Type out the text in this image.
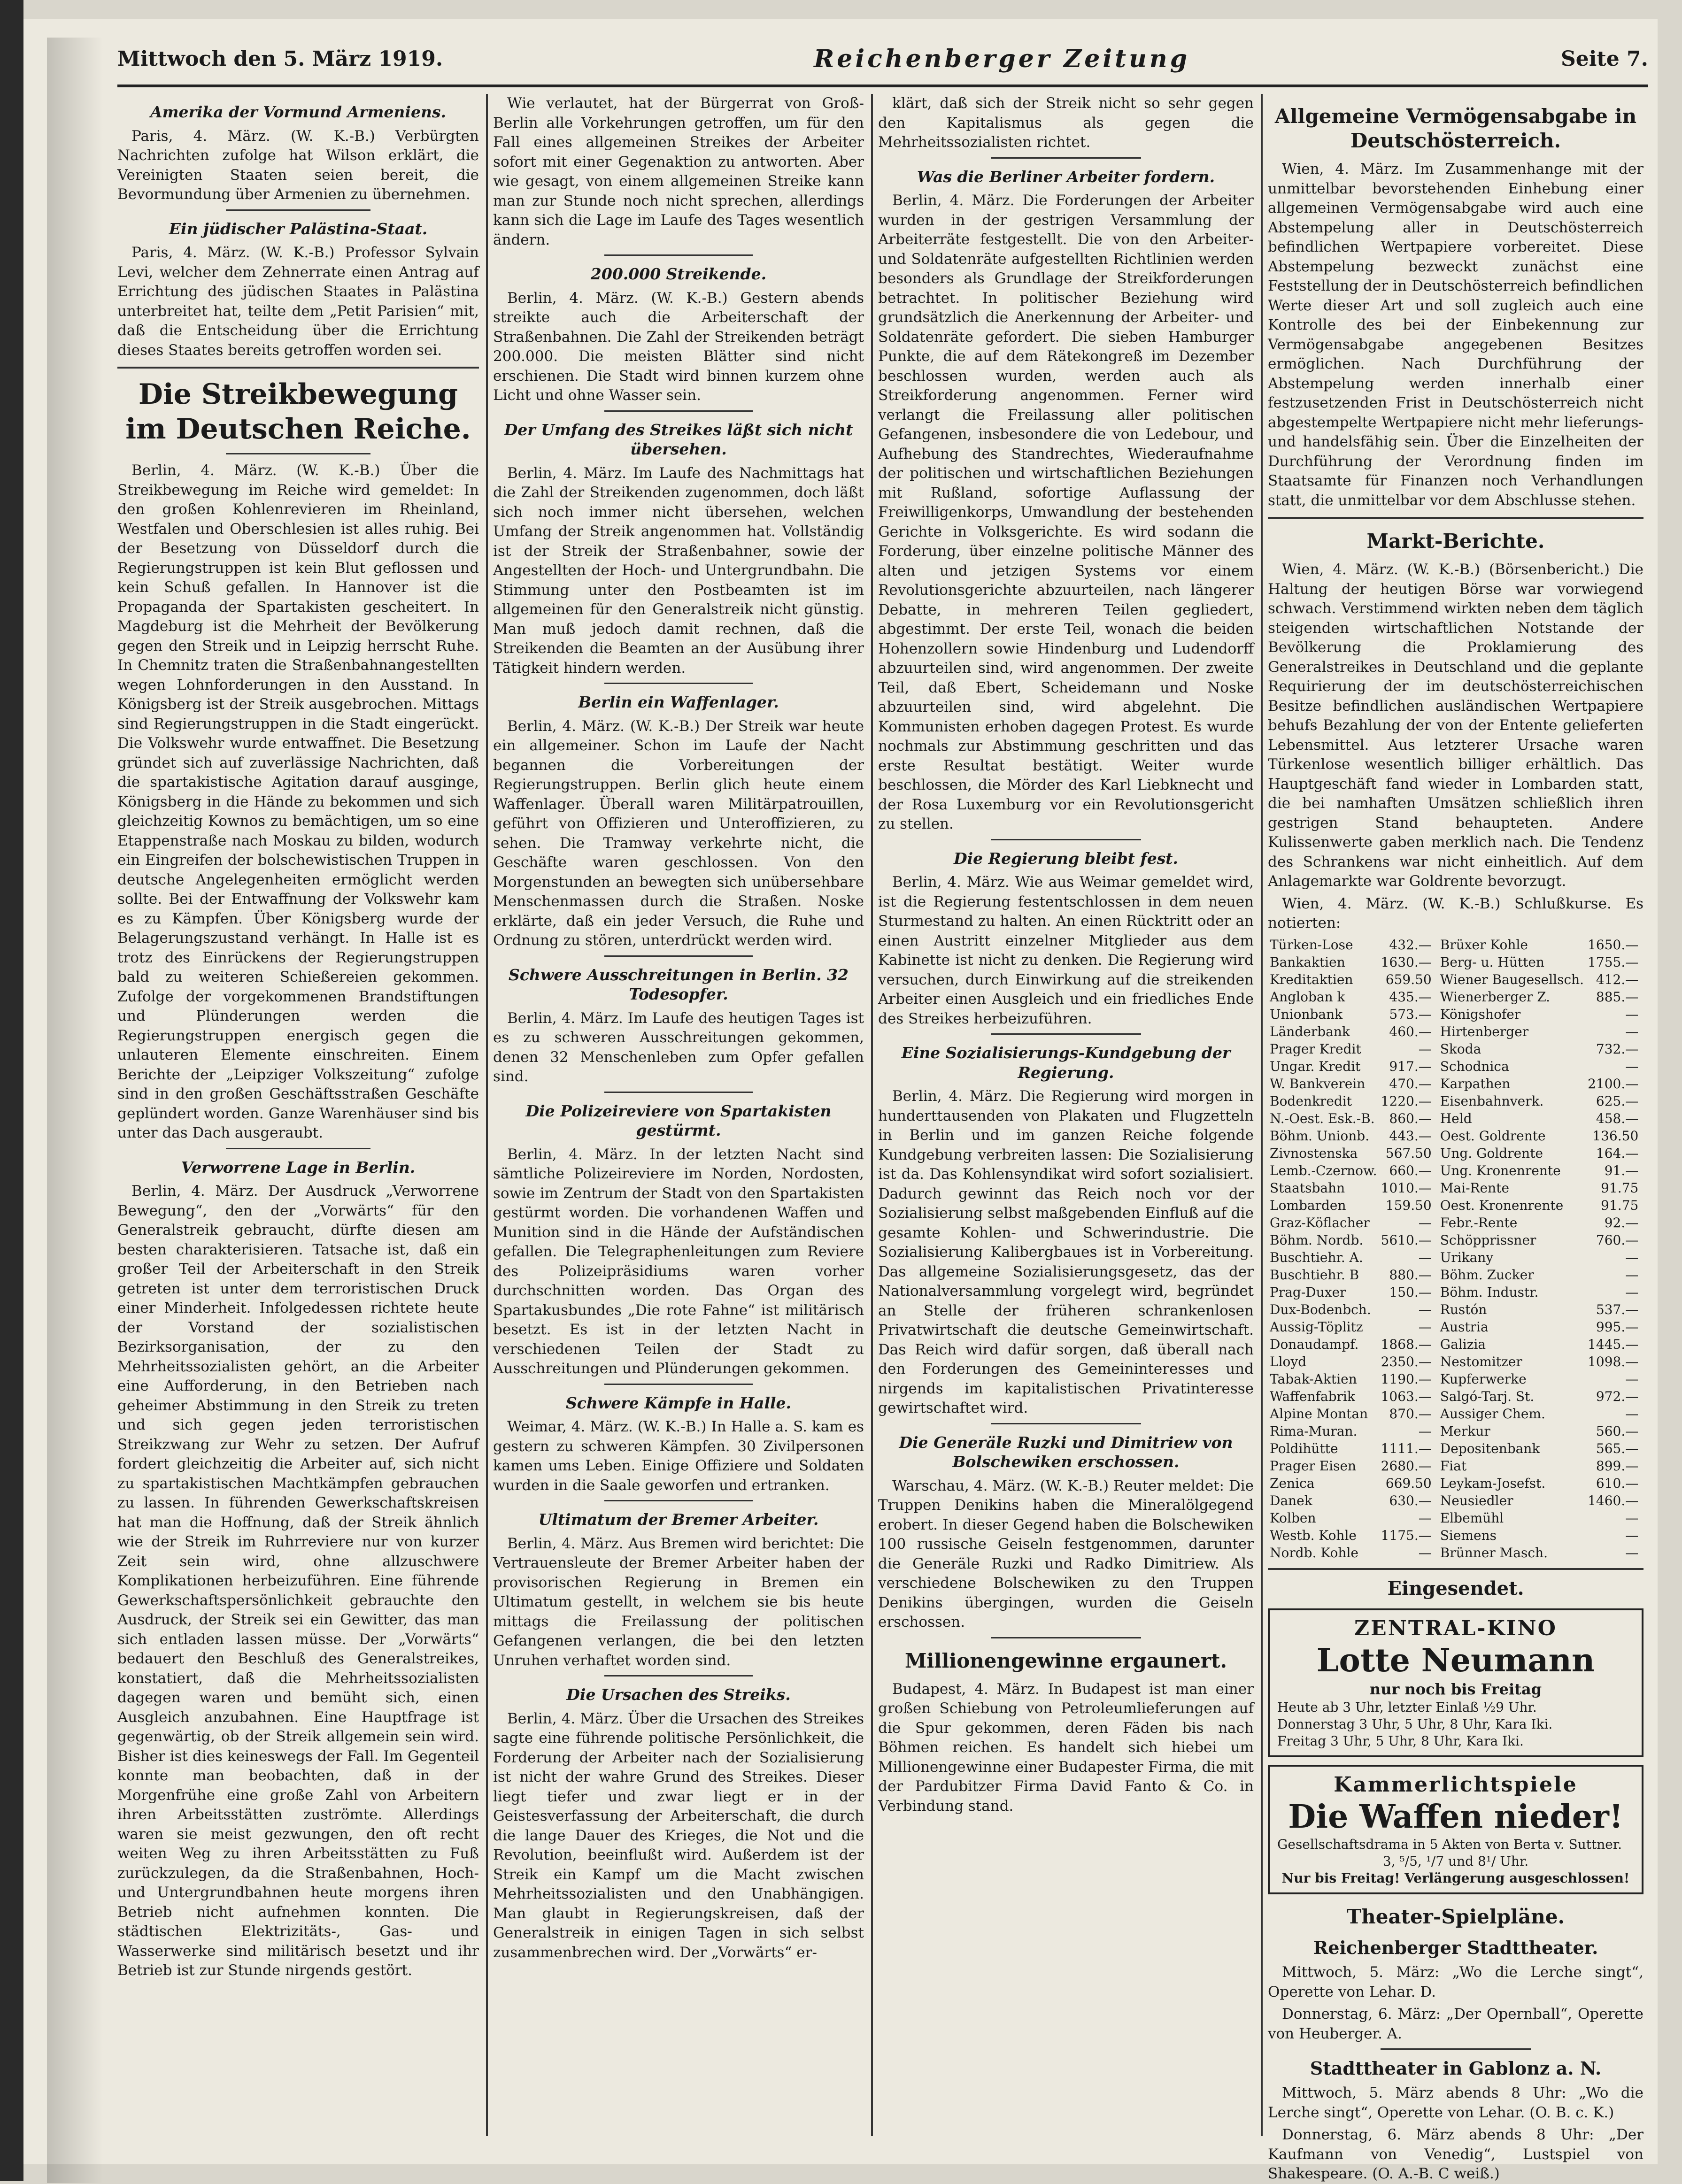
Mittwoch den 5. März 1919.	Reichenberger Zeitung	Seite 7.
Amerika der Vormund Armeniens.

Paris, 4. März. (W. K.-B.) Verbürgten Nachrichten zufolge hat Wilson erklärt, die Vereinigten Staaten seien bereit, die Bevormundung über Armenien zu übernehmen.

Ein jüdischer Palästina-Staat.

Paris, 4. März. (W. K.-B.) Professor Sylvain Levi, welcher dem Zehnerrate einen Antrag auf Errichtung des jüdischen Staates in Palästina unterbreitet hat, teilte dem „Petit Parisien“ mit, daß die Entscheidung über die Errichtung dieses Staates bereits getroffen worden sei.

Die Streikbewegung im Deutschen Reiche.

Berlin, 4. März. (W. K.-B.) Über die Streikbewegung im Reiche wird gemeldet: In den großen Kohlenrevieren im Rheinland, Westfalen und Oberschlesien ist alles ruhig. Bei der Besetzung von Düsseldorf durch die Regierungstruppen ist kein Blut geflossen und kein Schuß gefallen. In Hannover ist die Propaganda der Spartakisten gescheitert. In Magdeburg ist die Mehrheit der Bevölkerung gegen den Streik und in Leipzig herrscht Ruhe. In Chemnitz traten die Straßenbahnangestellten wegen Lohnforderungen in den Ausstand. In Königsberg ist der Streik ausgebrochen. Mittags sind Regierungstruppen in die Stadt eingerückt. Die Volkswehr wurde entwaffnet. Die Besetzung gründet sich auf zuverlässige Nachrichten, daß die spartakistische Agitation darauf ausginge, Königsberg in die Hände zu bekommen und sich gleichzeitig Kownos zu bemächtigen, um so eine Etappenstraße nach Moskau zu bilden, wodurch ein Eingreifen der bolschewistischen Truppen in deutsche Angelegenheiten ermöglicht werden sollte. Bei der Entwaffnung der Volkswehr kam es zu Kämpfen. Über Königsberg wurde der Belagerungszustand verhängt. In Halle ist es trotz des Einrückens der Regierungstruppen bald zu weiteren Schießereien gekommen. Zufolge der vorgekommenen Brandstiftungen und Plünderungen werden die Regierungstruppen energisch gegen die unlauteren Elemente einschreiten. Einem Berichte der „Leipziger Volkszeitung“ zufolge sind in den großen Geschäftsstraßen Geschäfte geplündert worden. Ganze Warenhäuser sind bis unter das Dach ausgeraubt.

Verworrene Lage in Berlin.

Berlin, 4. März. Der Ausdruck „Verworrene Bewegung“, den der „Vorwärts“ für den Generalstreik gebraucht, dürfte diesen am besten charakterisieren. Tatsache ist, daß ein großer Teil der Arbeiterschaft in den Streik getreten ist unter dem terroristischen Druck einer Minderheit. Infolgedessen richtete heute der Vorstand der sozialistischen Bezirksorganisation, der zu den Mehrheitssozialisten gehört, an die Arbeiter eine Aufforderung, in den Betrieben nach geheimer Abstimmung in den Streik zu treten und sich gegen jeden terroristischen Streikzwang zur Wehr zu setzen. Der Aufruf fordert gleichzeitig die Arbeiter auf, sich nicht zu spartakistischen Machtkämpfen gebrauchen zu lassen. In führenden Gewerkschaftskreisen hat man die Hoffnung, daß der Streik ähnlich wie der Streik im Ruhrreviere nur von kurzer Zeit sein wird, ohne allzuschwere Komplikationen herbeizuführen. Eine führende Gewerkschaftspersönlichkeit gebrauchte den Ausdruck, der Streik sei ein Gewitter, das man sich entladen lassen müsse. Der „Vorwärts“ bedauert den Beschluß des Generalstreikes, konstatiert, daß die Mehrheitssozialisten dagegen waren und bemüht sich, einen Ausgleich anzubahnen. Eine Hauptfrage ist gegenwärtig, ob der Streik allgemein sein wird. Bisher ist dies keineswegs der Fall. Im Gegenteil konnte man beobachten, daß in der Morgenfrühe eine große Zahl von Arbeitern ihren Arbeitsstätten zuströmte. Allerdings waren sie meist gezwungen, den oft recht weiten Weg zu ihren Arbeitsstätten zu Fuß zurückzulegen, da die Straßenbahnen, Hoch- und Untergrundbahnen heute morgens ihren Betrieb nicht aufnehmen konnten. Die städtischen Elektrizitäts-, Gas- und Wasserwerke sind militärisch besetzt und ihr Betrieb ist zur Stunde nirgends gestört.

Wie verlautet, hat der Bürgerrat von Groß-Berlin alle Vorkehrungen getroffen, um für den Fall eines allgemeinen Streikes der Arbeiter sofort mit einer Gegenaktion zu antworten. Aber wie gesagt, von einem allgemeinen Streike kann man zur Stunde noch nicht sprechen, allerdings kann sich die Lage im Laufe des Tages wesentlich ändern.

200.000 Streikende.

Berlin, 4. März. (W. K.-B.) Gestern abends streikte auch die Arbeiterschaft der Straßenbahnen. Die Zahl der Streikenden beträgt 200.000. Die meisten Blätter sind nicht erschienen. Die Stadt wird binnen kurzem ohne Licht und ohne Wasser sein.

Der Umfang des Streikes läßt sich nicht übersehen.

Berlin, 4. März. Im Laufe des Nachmittags hat die Zahl der Streikenden zugenommen, doch läßt sich noch immer nicht übersehen, welchen Umfang der Streik angenommen hat. Vollständig ist der Streik der Straßenbahner, sowie der Angestellten der Hoch- und Untergrundbahn. Die Stimmung unter den Postbeamten ist im allgemeinen für den Generalstreik nicht günstig. Man muß jedoch damit rechnen, daß die Streikenden die Beamten an der Ausübung ihrer Tätigkeit hindern werden.

Berlin ein Waffenlager.

Berlin, 4. März. (W. K.-B.) Der Streik war heute ein allgemeiner. Schon im Laufe der Nacht begannen die Vorbereitungen der Regierungstruppen. Berlin glich heute einem Waffenlager. Überall waren Militärpatrouillen, geführt von Offizieren und Unteroffizieren, zu sehen. Die Tramway verkehrte nicht, die Geschäfte waren geschlossen. Von den Morgenstunden an bewegten sich unübersehbare Menschenmassen durch die Straßen. Noske erklärte, daß ein jeder Versuch, die Ruhe und Ordnung zu stören, unterdrückt werden wird.

Schwere Ausschreitungen in Berlin. 32 Todesopfer.

Berlin, 4. März. Im Laufe des heutigen Tages ist es zu schweren Ausschreitungen gekommen, denen 32 Menschenleben zum Opfer gefallen sind.

Die Polizeireviere von Spartakisten gestürmt.

Berlin, 4. März. In der letzten Nacht sind sämtliche Polizeireviere im Norden, Nordosten, sowie im Zentrum der Stadt von den Spartakisten gestürmt worden. Die vorhandenen Waffen und Munition sind in die Hände der Aufständischen gefallen. Die Telegraphenleitungen zum Reviere des Polizeipräsidiums waren vorher durchschnitten worden. Das Organ des Spartakusbundes „Die rote Fahne“ ist militärisch besetzt. Es ist in der letzten Nacht in verschiedenen Teilen der Stadt zu Ausschreitungen und Plünderungen gekommen.

Schwere Kämpfe in Halle.

Weimar, 4. März. (W. K.-B.) In Halle a. S. kam es gestern zu schweren Kämpfen. 30 Zivilpersonen kamen ums Leben. Einige Offiziere und Soldaten wurden in die Saale geworfen und ertranken.

Ultimatum der Bremer Arbeiter.

Berlin, 4. März. Aus Bremen wird berichtet: Die Vertrauensleute der Bremer Arbeiter haben der provisorischen Regierung in Bremen ein Ultimatum gestellt, in welchem sie bis heute mittags die Freilassung der politischen Gefangenen verlangen, die bei den letzten Unruhen verhaftet worden sind.

Die Ursachen des Streiks.

Berlin, 4. März. Über die Ursachen des Streikes sagte eine führende politische Persönlichkeit, die Forderung der Arbeiter nach der Sozialisierung ist nicht der wahre Grund des Streikes. Dieser liegt tiefer und zwar liegt er in der Geistesverfassung der Arbeiterschaft, die durch die lange Dauer des Krieges, die Not und die Revolution, beeinflußt wird. Außerdem ist der Streik ein Kampf um die Macht zwischen Mehrheitssozialisten und den Unabhängigen. Man glaubt in Regierungskreisen, daß der Generalstreik in einigen Tagen in sich selbst zusammenbrechen wird. Der „Vorwärts“ er-

klärt, daß sich der Streik nicht so sehr gegen den Kapitalismus als gegen die Mehrheitssozialisten richtet.

Was die Berliner Arbeiter fordern.

Berlin, 4. März. Die Forderungen der Arbeiter wurden in der gestrigen Versammlung der Arbeiterräte festgestellt. Die von den Arbeiter- und Soldatenräte aufgestellten Richtlinien werden besonders als Grundlage der Streikforderungen betrachtet. In politischer Beziehung wird grundsätzlich die Anerkennung der Arbeiter- und Soldatenräte gefordert. Die sieben Hamburger Punkte, die auf dem Rätekongreß im Dezember beschlossen wurden, werden auch als Streikforderung angenommen. Ferner wird verlangt die Freilassung aller politischen Gefangenen, insbesondere die von Ledebour, und Aufhebung des Standrechtes, Wiederaufnahme der politischen und wirtschaftlichen Beziehungen mit Rußland, sofortige Auflassung der Freiwilligenkorps, Umwandlung der bestehenden Gerichte in Volksgerichte. Es wird sodann die Forderung, über einzelne politische Männer des alten und jetzigen Systems vor einem Revolutionsgerichte abzuurteilen, nach längerer Debatte, in mehreren Teilen gegliedert, abgestimmt. Der erste Teil, wonach die beiden Hohenzollern sowie Hindenburg und Ludendorff abzuurteilen sind, wird angenommen. Der zweite Teil, daß Ebert, Scheidemann und Noske abzuurteilen sind, wird abgelehnt. Die Kommunisten erhoben dagegen Protest. Es wurde nochmals zur Abstimmung geschritten und das erste Resultat bestätigt. Weiter wurde beschlossen, die Mörder des Karl Liebknecht und der Rosa Luxemburg vor ein Revolutionsgericht zu stellen.

Die Regierung bleibt fest.

Berlin, 4. März. Wie aus Weimar gemeldet wird, ist die Regierung festentschlossen in dem neuen Sturmestand zu halten. An einen Rücktritt oder an einen Austritt einzelner Mitglieder aus dem Kabinette ist nicht zu denken. Die Regierung wird versuchen, durch Einwirkung auf die streikenden Arbeiter einen Ausgleich und ein friedliches Ende des Streikes herbeizuführen.

Eine Sozialisierungs-Kundgebung der Regierung.

Berlin, 4. März. Die Regierung wird morgen in hunderttausenden von Plakaten und Flugzetteln in Berlin und im ganzen Reiche folgende Kundgebung verbreiten lassen: Die Sozialisierung ist da. Das Kohlensyndikat wird sofort sozialisiert. Dadurch gewinnt das Reich noch vor der Sozialisierung selbst maßgebenden Einfluß auf die gesamte Kohlen- und Schwerindustrie. Die Sozialisierung Kalibergbaues ist in Vorbereitung. Das allgemeine Sozialisierungsgesetz, das der Nationalversammlung vorgelegt wird, begründet an Stelle der früheren schrankenlosen Privatwirtschaft die deutsche Gemeinwirtschaft. Das Reich wird dafür sorgen, daß überall nach den Forderungen des Gemeininteresses und nirgends im kapitalistischen Privatinteresse gewirtschaftet wird.

Die Generäle Ruzki und Dimitriew von Bolschewiken erschossen.

Warschau, 4. März. (W. K.-B.) Reuter meldet: Die Truppen Denikins haben die Mineralölgegend erobert. In dieser Gegend haben die Bolschewiken 100 russische Geiseln festgenommen, darunter die Generäle Ruzki und Radko Dimitriew. Als verschiedene Bolschewiken zu den Truppen Denikins übergingen, wurden die Geiseln erschossen.

Millionengewinne ergaunert.

Budapest, 4. März. In Budapest ist man einer großen Schiebung von Petroleumlieferungen auf die Spur gekommen, deren Fäden bis nach Böhmen reichen. Es handelt sich hiebei um Millionengewinne einer Budapester Firma, die mit der Pardubitzer Firma David Fanto & Co. in Verbindung stand.

Allgemeine Vermögensabgabe in Deutschösterreich.

Wien, 4. März. Im Zusammenhange mit der unmittelbar bevorstehenden Einhebung einer allgemeinen Vermögensabgabe wird auch eine Abstempelung aller in Deutschösterreich befindlichen Wertpapiere vorbereitet. Diese Abstempelung bezweckt zunächst eine Feststellung der in Deutschösterreich befindlichen Werte dieser Art und soll zugleich auch eine Kontrolle des bei der Einbekennung zur Vermögensabgabe angegebenen Besitzes ermöglichen. Nach Durchführung der Abstempelung werden innerhalb einer festzusetzenden Frist in Deutschösterreich nicht abgestempelte Wertpapiere nicht mehr lieferungs- und handelsfähig sein. Über die Einzelheiten der Durchführung der Verordnung finden im Staatsamte für Finanzen noch Verhandlungen statt, die unmittelbar vor dem Abschlusse stehen.

Markt-Berichte.

Wien, 4. März. (W. K.-B.) (Börsenbericht.) Die Haltung der heutigen Börse war vorwiegend schwach. Verstimmend wirkten neben dem täglich steigenden wirtschaftlichen Notstande der Bevölkerung die Proklamierung des Generalstreikes in Deutschland und die geplante Requirierung der im deutschösterreichischen Besitze befindlichen ausländischen Wertpapiere behufs Bezahlung der von der Entente gelieferten Lebensmittel. Aus letzterer Ursache waren Türkenlose wesentlich billiger erhältlich. Das Hauptgeschäft fand wieder in Lombarden statt, die bei namhaften Umsätzen schließlich ihren gestrigen Stand behaupteten. Andere Kulissenwerte gaben merklich nach. Die Tendenz des Schrankens war nicht einheitlich. Auf dem Anlagemarkte war Goldrente bevorzugt.

Wien, 4. März. (W. K.-B.) Schlußkurse. Es notierten:

Türken-Lose	432.—	Brüxer Kohle	1650.—
Bankaktien	1630.—	Berg- u. Hütten	1755.—
Kreditaktien	659.50	Wiener Baugesellsch.	412.—
Angloban k	435.—	Wienerberger Z.	885.—
Unionbank	573.—	Königshofer	—
Länderbank	460.—	Hirtenberger	—
Prager Kredit	—	Skoda	732.—
Ungar. Kredit	917.—	Schodnica	—
W. Bankverein	470.—	Karpathen	2100.—
Bodenkredit	1220.—	Eisenbahnverk.	625.—
N.-Oest. Esk.-B.	860.—	Held	458.—
Böhm. Unionb.	443.—	Oest. Goldrente	136.50
Zivnostenska	567.50	Ung. Goldrente	164.—
Lemb.-Czernow.	660.—	Ung. Kronenrente	91.—
Staatsbahn	1010.—	Mai-Rente	91.75
Lombarden	159.50	Oest. Kronenrente	91.75
Graz-Köflacher	—	Febr.-Rente	92.—
Böhm. Nordb.	5610.—	Schöpprissner	760.—
Buschtiehr. A.	—	Urikany	—
Buschtiehr. B	880.—	Böhm. Zucker	—
Prag-Duxer	150.—	Böhm. Industr.	—
Dux-Bodenbch.	—	Rustón	537.—
Aussig-Töplitz	—	Austria	995.—
Donaudampf.	1868.—	Galizia	1445.—
Lloyd	2350.—	Nestomitzer	1098.—
Tabak-Aktien	1190.—	Kupferwerke	—
Waffenfabrik	1063.—	Salgó-Tarj. St.	972.—
Alpine Montan	870.—	Aussiger Chem.	—
Rima-Muran.	—	Merkur	560.—
Poldihütte	1111.—	Depositenbank	565.—
Prager Eisen	2680.—	Fiat	899.—
Zenica	669.50	Leykam-Josefst.	610.—
Danek	630.—	Neusiedler	1460.—
Kolben	—	Elbemühl	—
Westb. Kohle	1175.—	Siemens	—
Nordb. Kohle	—	Brünner Masch.	—
Eingesendet.
ZENTRAL-KINO
Lotte Neumann
nur noch bis Freitag
Heute ab 3 Uhr, letzter Einlaß ½9 Uhr.
Donnerstag 3 Uhr, 5 Uhr, 8 Uhr, Kara Iki.
Freitag 3 Uhr, 5 Uhr, 8 Uhr, Kara Iki.
Kammerlichtspiele
Die Waffen nieder!
Gesellschaftsdrama in 5 Akten von Berta v. Suttner.
3, ⁵/5, ¹/7 und 8¹/ Uhr.
Nur bis Freitag! Verlängerung ausgeschlossen!
Theater-Spielpläne.
Reichenberger Stadttheater.

Mittwoch, 5. März: „Wo die Lerche singt“, Operette von Lehar. D.

Donnerstag, 6. März: „Der Opernball“, Operette von Heuberger. A.

Stadttheater in Gablonz a. N.

Mittwoch, 5. März abends 8 Uhr: „Wo die Lerche singt“, Operette von Lehar. (O. B. c. K.)

Donnerstag, 6. März abends 8 Uhr: „Der Kaufmann von Venedig“, Lustspiel von Shakespeare. (O. A.-B. C weiß.)
